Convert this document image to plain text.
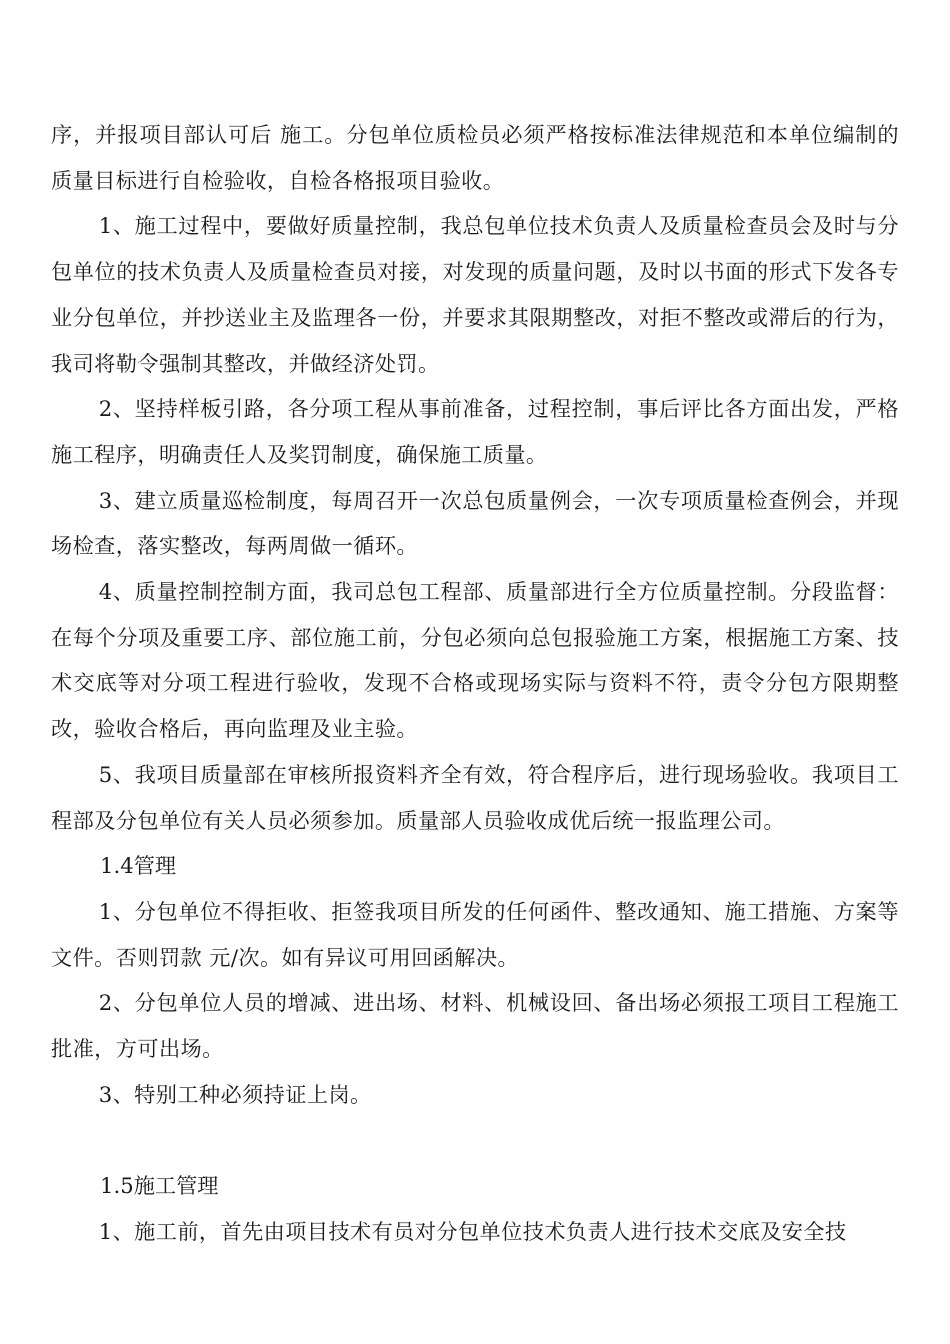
序，并报项目部认可后 施工。分包单位质检员必须严格按标准法律规范和本单位编制的质量目标进行自检验收，自检各格报项目验收。

1、施工过程中，要做好质量控制，我总包单位技术负责人及质量检查员会及时与分包单位的技术负责人及质量检查员对接，对发现的质量问题，及时以书面的形式下发各专业分包单位，并抄送业主及监理各一份，并要求其限期整改，对拒不整改或滞后的行为，我司将勒令强制其整改，并做经济处罚。

2、坚持样板引路，各分项工程从事前准备，过程控制，事后评比各方面出发，严格施工程序，明确责任人及奖罚制度，确保施工质量。

3、建立质量巡检制度，每周召开一次总包质量例会，一次专项质量检查例会，并现场检查，落实整改，每两周做一循环。

4、质量控制控制方面，我司总包工程部、质量部进行全方位质量控制。分段监督：在每个分项及重要工序、部位施工前，分包必须向总包报验施工方案，根据施工方案、技术交底等对分项工程进行验收，发现不合格或现场实际与资料不符，责令分包方限期整改，验收合格后，再向监理及业主验。

5、我项目质量部在审核所报资料齐全有效，符合程序后，进行现场验收。我项目工程部及分包单位有关人员必须参加。质量部人员验收成优后统一报监理公司。

1.4管理

1、分包单位不得拒收、拒签我项目所发的任何函件、整改通知、施工措施、方案等文件。否则罚款 元/次。如有异议可用回函解决。

2、分包单位人员的增减、进出场、材料、机械设回、备出场必须报工项目工程施工批准，方可出场。

3、特别工种必须持证上岗。

1.5施工管理

1、施工前，首先由项目技术有员对分包单位技术负责人进行技术交底及安全技
